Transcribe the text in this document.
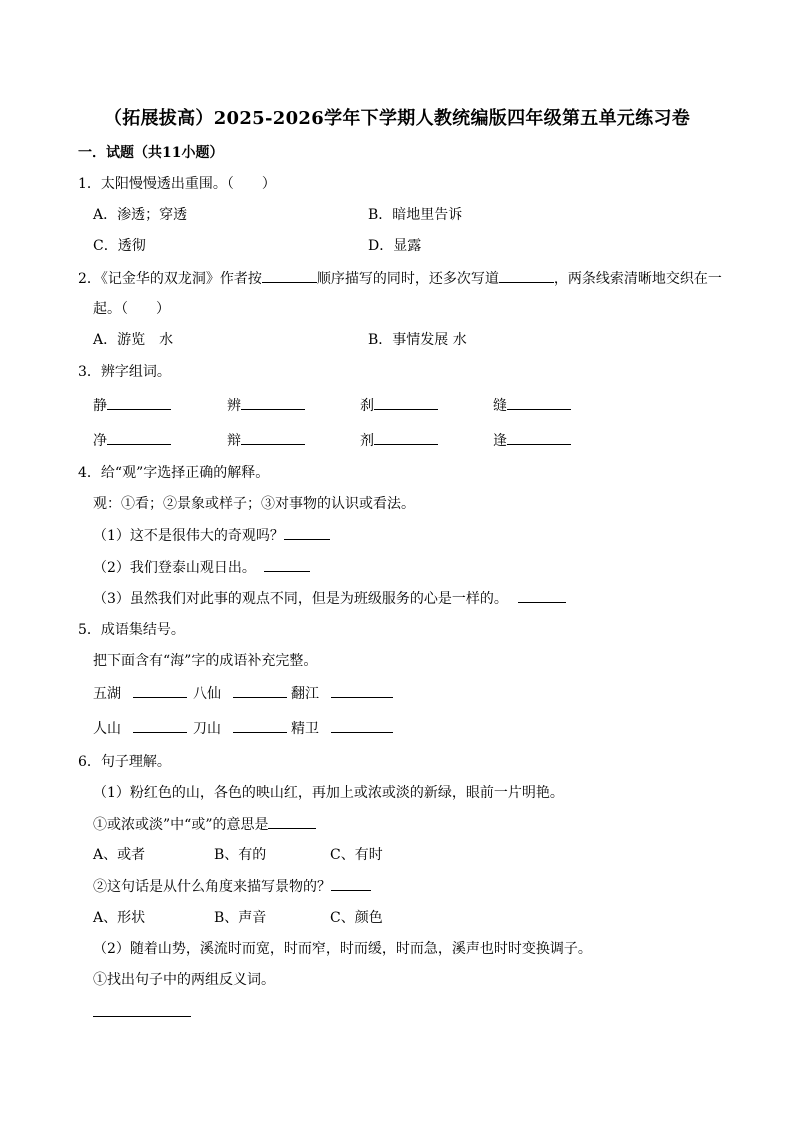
（拓展拔高）2025-2026学年下学期人教统编版四年级第五单元练习卷
一．试题（共11小题）
1．太阳慢慢透出重围。（　　）
A．渗透；穿透	B．暗地里告诉
C．透彻	D．显露
2．《记金华的双龙洞》作者按	顺序描写的同时，还多次写道	，两条线索清晰地交织在一
起。（　　）
A．游览　水	B．事情发展 水
3．辨字组词。
静	辨	刹	缝
净	辩	剂	逢
4．给“观”字选择正确的解释。
观：①看；②景象或样子；③对事物的认识或看法。
（1）这不是很伟大的奇观吗？
（2）我们登泰山观日出。
（3）虽然我们对此事的观点不同，但是为班级服务的心是一样的。
5．成语集结号。
把下面含有“海”字的成语补充完整。
五湖	八仙	翻江
人山	刀山	精卫
6．句子理解。
（1）粉红色的山，各色的映山红，再加上或浓或淡的新绿，眼前一片明艳。
①或浓或淡”中“或”的意思是
A、或者	B、有的	C、有时
②这句话是从什么角度来描写景物的？
A、形状	B、声音	C、颜色
（2）随着山势，溪流时而宽，时而窄，时而缓，时而急，溪声也时时变换调子。
①找出句子中的两组反义词。
